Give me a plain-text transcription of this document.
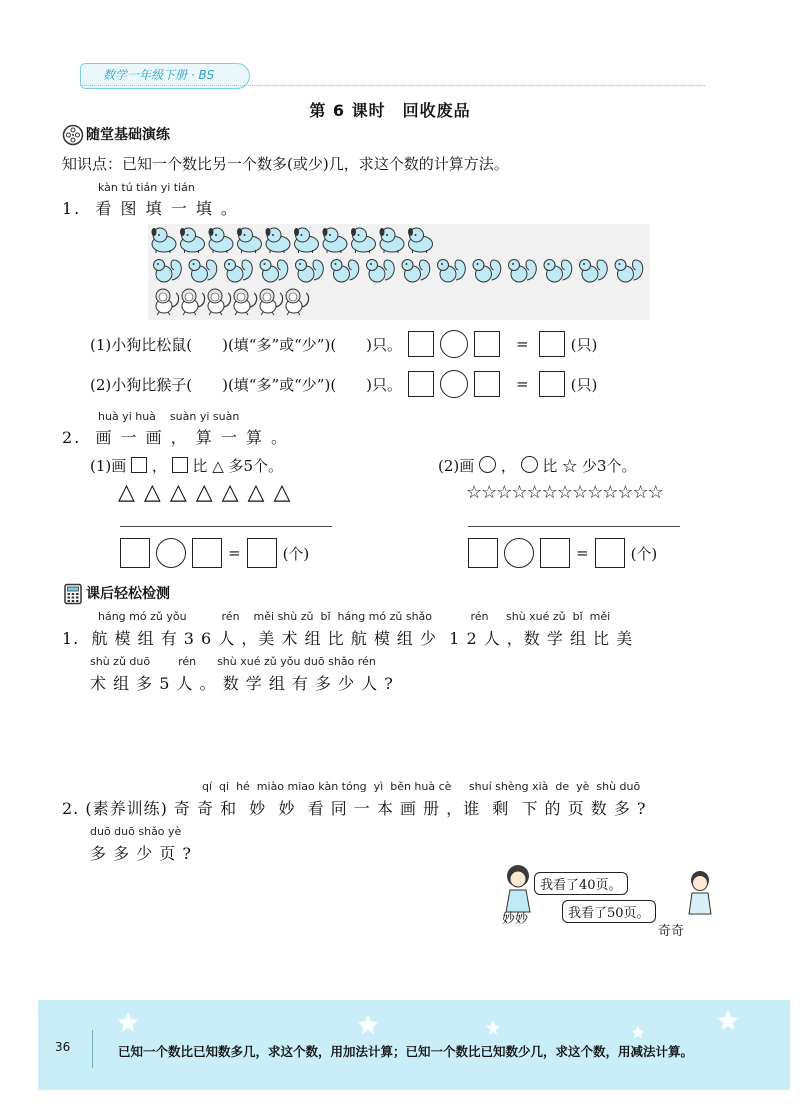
数学一年级下册 · BS
第 6 课时　回收废品
随堂基础演练
知识点：已知一个数比另一个数多(或少)几，求这个数的计算方法。
kàn tú tián yi tián
1.  看 图 填 一 填 。
(1)小狗比松鼠(　　)(填“多”或“少”)(　　)只。	=	(只)
(2)小狗比猴子(　　)(填“多”或“少”)(　　)只。	=	(只)
huà yi huà    suàn yi suàn
2.  画 一 画 ， 算 一 算 。
(1)画 ， 比 △ 多5个。
△ △ △ △ △ △ △
=	(个)
(2)画 ， 比 ☆ 少3个。
☆☆☆☆☆☆☆☆☆☆☆☆☆
=	(个)
课后轻松检测
háng mó zǔ yǒu          rén    měi shù zǔ  bǐ  háng mó zǔ shǎo           rén     shù xué zǔ  bǐ  měi
1.  航 模 组 有 3 6 人 ，美 术 组 比 航 模 组 少  1 2 人 ，数 学 组 比 美
shù zǔ duō        rén      shù xué zǔ yǒu duō shǎo rén
术 组 多 5 人 。 数 学 组 有 多 少 人 ?
qí  qi  hé  miào miao kàn tóng  yì  běn huà cè     shuí shèng xià  de  yè  shù duō
2. (素养训练) 奇 奇 和  妙  妙  看 同 一 本 画 册 ，谁  剩  下 的 页 数 多 ?
duō duō shǎo yè
多 多 少 页 ?
我看了40页。
我看了50页。
妙妙
奇奇
36	已知一个数比已知数多几，求这个数，用加法计算；已知一个数比已知数少几，求这个数，用减法计算。
